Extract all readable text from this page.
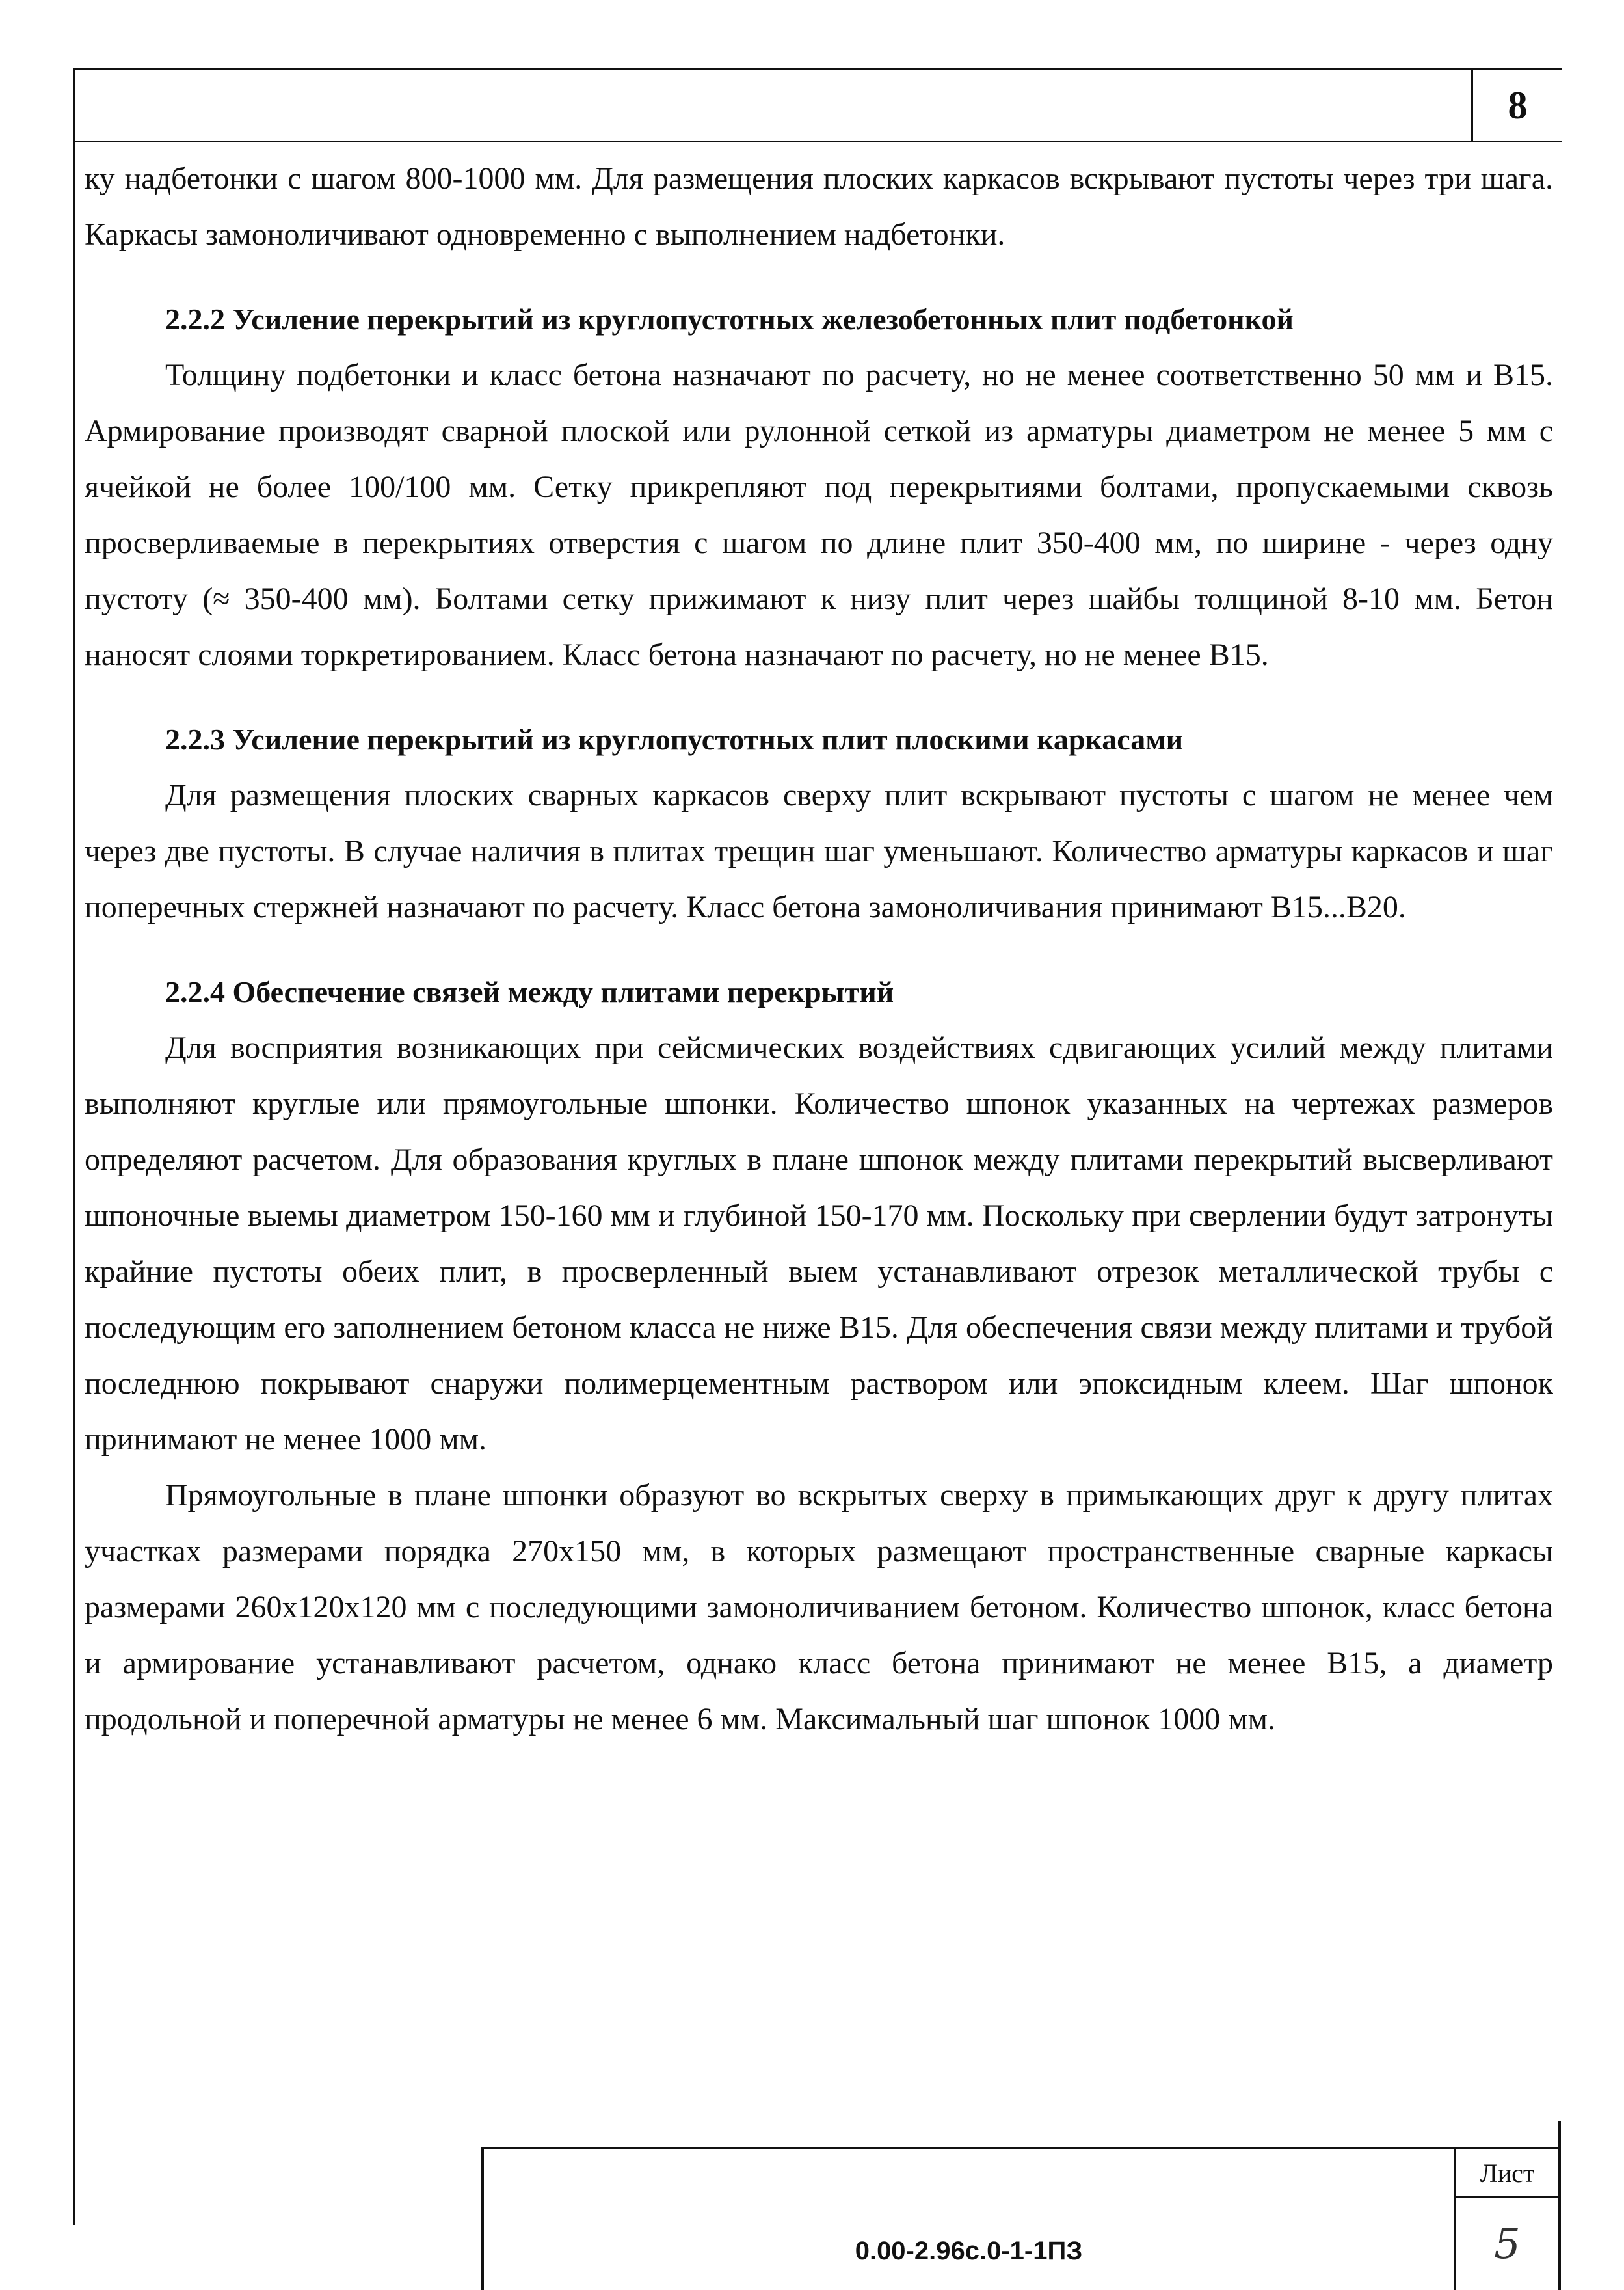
8

ку надбетонки с шагом 800-1000 мм. Для размещения плоских каркасов вскрывают пустоты через три шага. Каркасы замоноличивают одновременно с выполнением надбетонки.

2.2.2 Усиление перекрытий из круглопустотных железобетонных плит подбетонкой

Толщину подбетонки и класс бетона назначают по расчету, но не менее соответственно 50 мм и В15. Армирование производят сварной плоской или рулонной сеткой из арматуры диаметром не менее 5 мм с ячейкой не более 100/100 мм. Сетку прикрепляют под перекрытиями болтами, пропускаемыми сквозь просверливаемые в перекрытиях отверстия с шагом по длине плит 350-400 мм, по ширине - через одну пустоту (≈ 350-400 мм). Болтами сетку прижимают к низу плит через шайбы толщиной 8-10 мм. Бетон наносят слоями торкретированием. Класс бетона назначают по расчету, но не менее В15.

2.2.3 Усиление перекрытий из круглопустотных плит плоскими каркасами

Для размещения плоских сварных каркасов сверху плит вскрывают пустоты с шагом не менее чем через две пустоты. В случае наличия в плитах трещин шаг уменьшают. Количество арматуры каркасов и шаг поперечных стержней назначают по расчету. Класс бетона замоноличивания принимают В15...В20.

2.2.4 Обеспечение связей между плитами перекрытий

Для восприятия возникающих при сейсмических воздействиях сдвигающих усилий между плитами выполняют круглые или прямоугольные шпонки. Количество шпонок указанных на чертежах размеров определяют расчетом. Для образования круглых в плане шпонок между плитами перекрытий высверливают шпоночные выемы диаметром 150-160 мм и глубиной 150-170 мм. Поскольку при сверлении будут затронуты крайние пустоты обеих плит, в просверленный выем устанавливают отрезок металлической трубы с последующим его заполнением бетоном класса не ниже В15. Для обеспечения связи между плитами и трубой последнюю покрывают снаружи полимерцементным раствором или эпоксидным клеем. Шаг шпонок принимают не менее 1000 мм.

Прямоугольные в плане шпонки образуют во вскрытых сверху в примыкающих друг к другу плитах участках размерами порядка 270х150 мм, в которых размещают пространственные сварные каркасы размерами 260х120х120 мм с последующими замоноличиванием бетоном. Количество шпонок, класс бетона и армирование устанавливают расчетом, однако класс бетона принимают не менее В15, а диаметр продольной и поперечной арматуры не менее 6 мм. Максимальный шаг шпонок 1000 мм.

0.00-2.96с.0-1-1ПЗ
Лист
5
